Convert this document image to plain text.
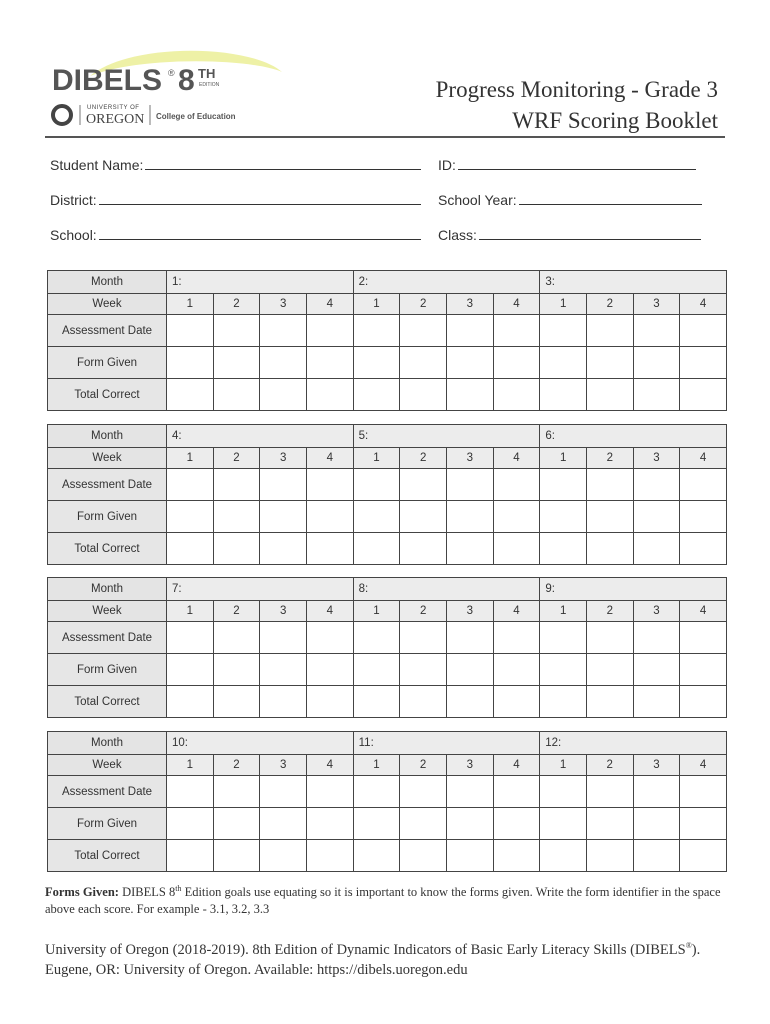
DIBELS ® 8 TH
EDITION
UNIVERSITY OF
OREGON College of Education
Progress Monitoring - Grade 3
WRF Scoring Booklet
Student Name:	ID:
District:	School Year:
School:	Class:
Month	1:				2:				3:			
Week	1	2	3	4	1	2	3	4	1	2	3	4
Assessment Date												
Form Given												
Total Correct												
Month	4:				5:				6:			
Week	1	2	3	4	1	2	3	4	1	2	3	4
Assessment Date												
Form Given												
Total Correct												
Month	7:				8:				9:			
Week	1	2	3	4	1	2	3	4	1	2	3	4
Assessment Date												
Form Given												
Total Correct												
Month	10:				11:				12:			
Week	1	2	3	4	1	2	3	4	1	2	3	4
Assessment Date												
Form Given												
Total Correct												
Forms Given: DIBELS 8th Edition goals use equating so it is important to know the forms given. Write the form identifier in the space above each score. For example - 3.1, 3.2, 3.3
University of Oregon (2018-2019). 8th Edition of Dynamic Indicators of Basic Early Literacy Skills (DIBELS®). Eugene, OR: University of Oregon. Available: https://dibels.uoregon.edu
